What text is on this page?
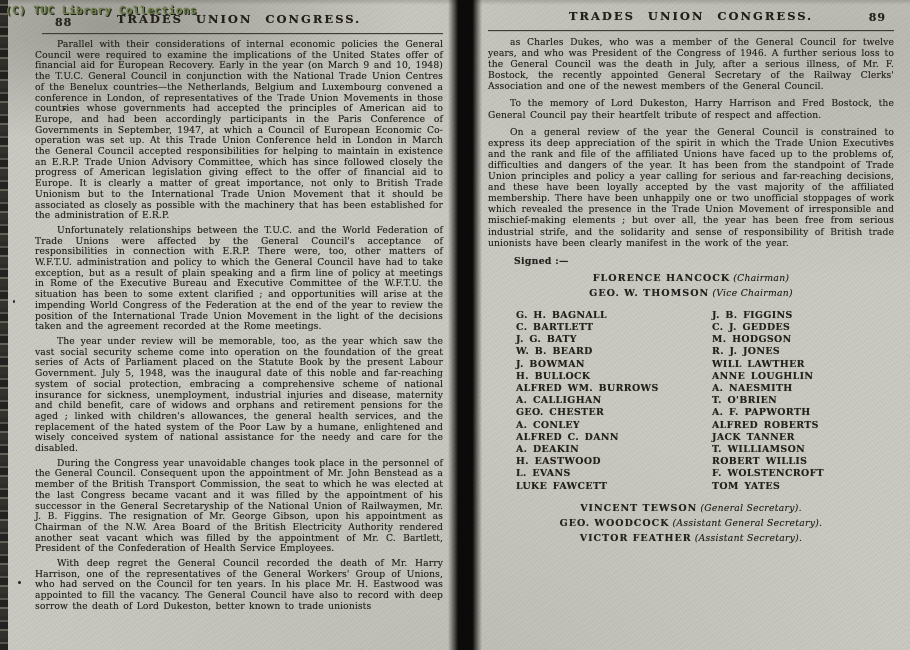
(C) TUC Library Collections
88	TRADES UNION CONGRESS.

Parallel with their considerations of internal economic policies the General Council were required to examine the implications of the United States offer of financial aid for European Recovery. Early in the year (on March 9 and 10, 1948) the T.U.C. General Council in conjunction with the National Trade Union Centres of the Benelux countries—the Netherlands, Belgium and Luxembourg convened a conference in London, of representatives of the Trade Union Movements in those countries whose governments had accepted the principles of American aid to Europe, and had been accordingly participants in the Paris Conference of Governments in September, 1947, at which a Council of European Economic Co-operation was set up. At this Trade Union Conference held in London in March the General Council accepted responsibilities for helping to maintain in existence an E.R.P. Trade Union Advisory Committee, which has since followed closely the progress of American legislation giving effect to the offer of financial aid to Europe. It is clearly a matter of great importance, not only to British Trade Unionism but to the International Trade Union Movement that it should be associated as closely as possible with the machinery that has been established for the administration of E.R.P.

Unfortunately relationships between the T.U.C. and the World Federation of Trade Unions were affected by the General Council's acceptance of responsibilities in connection with E.R.P. There were, too, other matters of W.F.T.U. administration and policy to which the General Council have had to take exception, but as a result of plain speaking and a firm line of policy at meetings in Rome of the Executive Bureau and Executive Committee of the W.F.T.U. the situation has been to some extent clarified ; and opportunities will arise at the impending World Congress of the Federation at the end of the year to review the position of the International Trade Union Movement in the light of the decisions taken and the agreement recorded at the Rome meetings.

The year under review will be memorable, too, as the year which saw the vast social security scheme come into operation on the foundation of the great series of Acts of Parliament placed on the Statute Book by the present Labour Government. July 5, 1948, was the inaugural date of this noble and far-reaching system of social protection, embracing a comprehensive scheme of national insurance for sickness, unemployment, industrial injuries and disease, maternity and child benefit, care of widows and orphans and retirement pensions for the aged ; linked with children's allowances, the general health services, and the replacement of the hated system of the Poor Law by a humane, enlightened and wisely conceived system of national assistance for the needy and care for the disabled.

During the Congress year unavoidable changes took place in the personnel of the General Council. Consequent upon the appointment of Mr. John Benstead as a member of the British Transport Commission, the seat to which he was elected at the last Congress became vacant and it was filled by the appointment of his successor in the General Secretaryship of the National Union of Railwaymen, Mr. J. B. Figgins. The resignation of Mr. George Gibson, upon his appointment as Chairman of the N.W. Area Board of the British Electricity Authority rendered another seat vacant which was filled by the appointment of Mr. C. Bartlett, President of the Confederation of Health Service Employees.

With deep regret the General Council recorded the death of Mr. Harry Harrison, one of the representatives of the General Workers' Group of Unions, who had served on the Council for ten years. In his place Mr. H. Eastwood was appointed to fill the vacancy. The General Council have also to record with deep sorrow the death of Lord Dukeston, better known to trade unionists

89
TRADES UNION CONGRESS.

as Charles Dukes, who was a member of the General Council for twelve years, and who was President of the Congress of 1946. A further serious loss to the General Council was the death in July, after a serious illness, of Mr. F. Bostock, the recently appointed General Secretary of the Railway Clerks' Association and one of the newest members of the General Council.

To the memory of Lord Dukeston, Harry Harrison and Fred Bostock, the General Council pay their heartfelt tribute of respect and affection.

On a general review of the year the General Council is constrained to express its deep appreciation of the spirit in which the Trade Union Executives and the rank and file of the affiliated Unions have faced up to the problems of, difficulties and dangers of the year. It has been from the standpoint of Trade Union principles and policy a year calling for serious and far-reaching decisions, and these have been loyally accepted by the vast majority of the affiliated membership. There have been unhappily one or two unofficial stoppages of work which revealed the presence in the Trade Union Movement of irresponsible and mischief-making elements ; but over all, the year has been free from serious industrial strife, and the solidarity and sense of responsibility of British trade unionists have been clearly manifest in the work of the year.

Signed :—
FLORENCE HANCOCK (Chairman)
GEO. W. THOMSON (Vice Chairman)
G. H. BAGNALL
C. BARTLETT
J. G. BATY
W. B. BEARD
J. BOWMAN
H. BULLOCK
ALFRED WM. BURROWS
A. CALLIGHAN
GEO. CHESTER
A. CONLEY
ALFRED C. DANN
A. DEAKIN
H. EASTWOOD
L. EVANS
LUKE FAWCETT
J. B. FIGGINS
C. J. GEDDES
M. HODGSON
R. J. JONES
WILL LAWTHER
ANNE LOUGHLIN
A. NAESMITH
T. O'BRIEN
A. F. PAPWORTH
ALFRED ROBERTS
JACK TANNER
T. WILLIAMSON
ROBERT WILLIS
F. WOLSTENCROFT
TOM YATES
VINCENT TEWSON (General Secretary).
GEO. WOODCOCK (Assistant General Secretary).
VICTOR FEATHER (Assistant Secretary).
